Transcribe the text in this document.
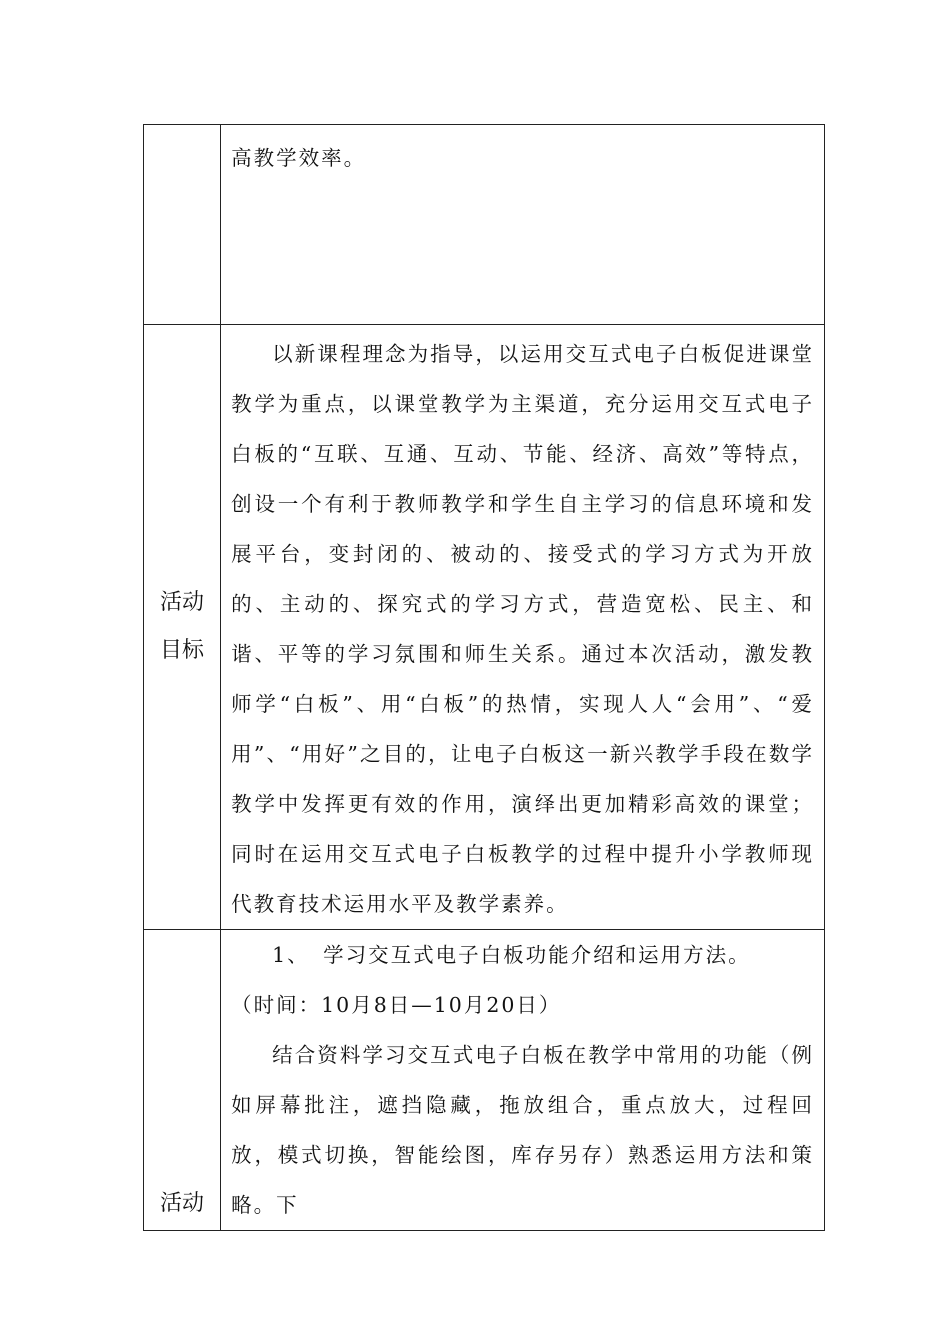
	高教学效率。

活动
目标	以新课程理念为指导，以运用交互式电子白板促进课堂教学为重点，以课堂教学为主渠道，充分运用交互式电子白板的“互联、互通、互动、节能、经济、高效”等特点，创设一个有利于教师教学和学生自主学习的信息环境和发展平台，变封闭的、被动的、接受式的学习方式为开放的、主动的、探究式的学习方式，营造宽松、民主、和谐、平等的学习氛围和师生关系。通过本次活动，激发教师学“白板”、用“白板”的热情，实现人人“会用”、“爱用”、“用好”之目的，让电子白板这一新兴教学手段在数学教学中发挥更有效的作用，演绎出更加精彩高效的课堂；同时在运用交互式电子白板教学的过程中提升小学教师现代教育技术运用水平及教学素养。

活动	1、 学习交互式电子白板功能介绍和运用方法。

（时间：10月8日—10月20日）

结合资料学习交互式电子白板在教学中常用的功能（例如屏幕批注，遮挡隐藏，拖放组合，重点放大，过程回放，模式切换，智能绘图，库存另存）熟悉运用方法和策略。下
